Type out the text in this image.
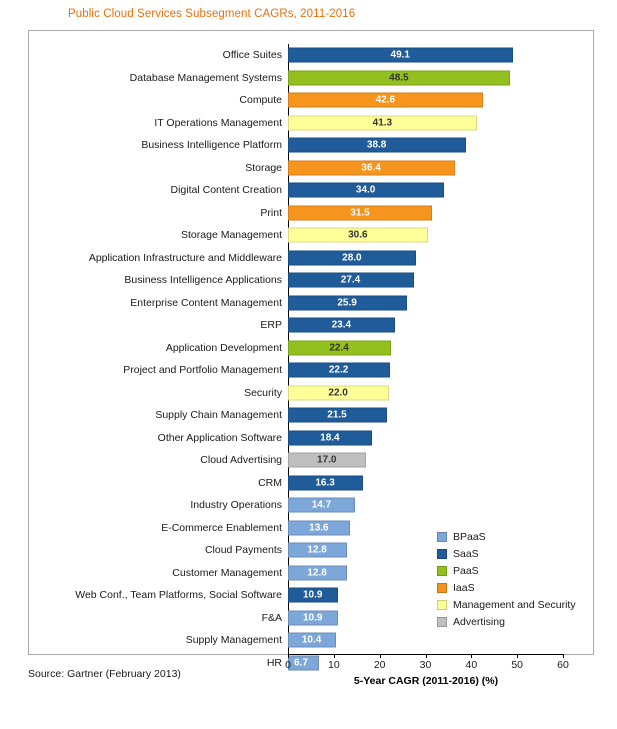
Public Cloud Services Subsegment CAGRs, 2011-2016
Office Suites	49.1
Database Management Systems	48.5
Compute	42.6
IT Operations Management	41.3
Business Intelligence Platform	38.8
Storage	36.4
Digital Content Creation	34.0
Print	31.5
Storage Management	30.6
Application Infrastructure and Middleware	28.0
Business Intelligence Applications	27.4
Enterprise Content Management	25.9
ERP	23.4
Application Development	22.4
Project and Portfolio Management	22.2
Security	22.0
Supply Chain Management	21.5
Other Application Software	18.4
Cloud Advertising	17.0
CRM	16.3
Industry Operations	14.7
E-Commerce Enablement	13.6
Cloud Payments	12.8
Customer Management	12.8
Web Conf., Team Platforms, Social Software 10.9
F&A 10.9
Supply Management 10.4
HR 6.7
0	10	20	30	40	50	60
5-Year CAGR (2011-2016) (%)
BPaaS
SaaS
PaaS
IaaS
Management and Security
Advertising
Source: Gartner (February 2013)
